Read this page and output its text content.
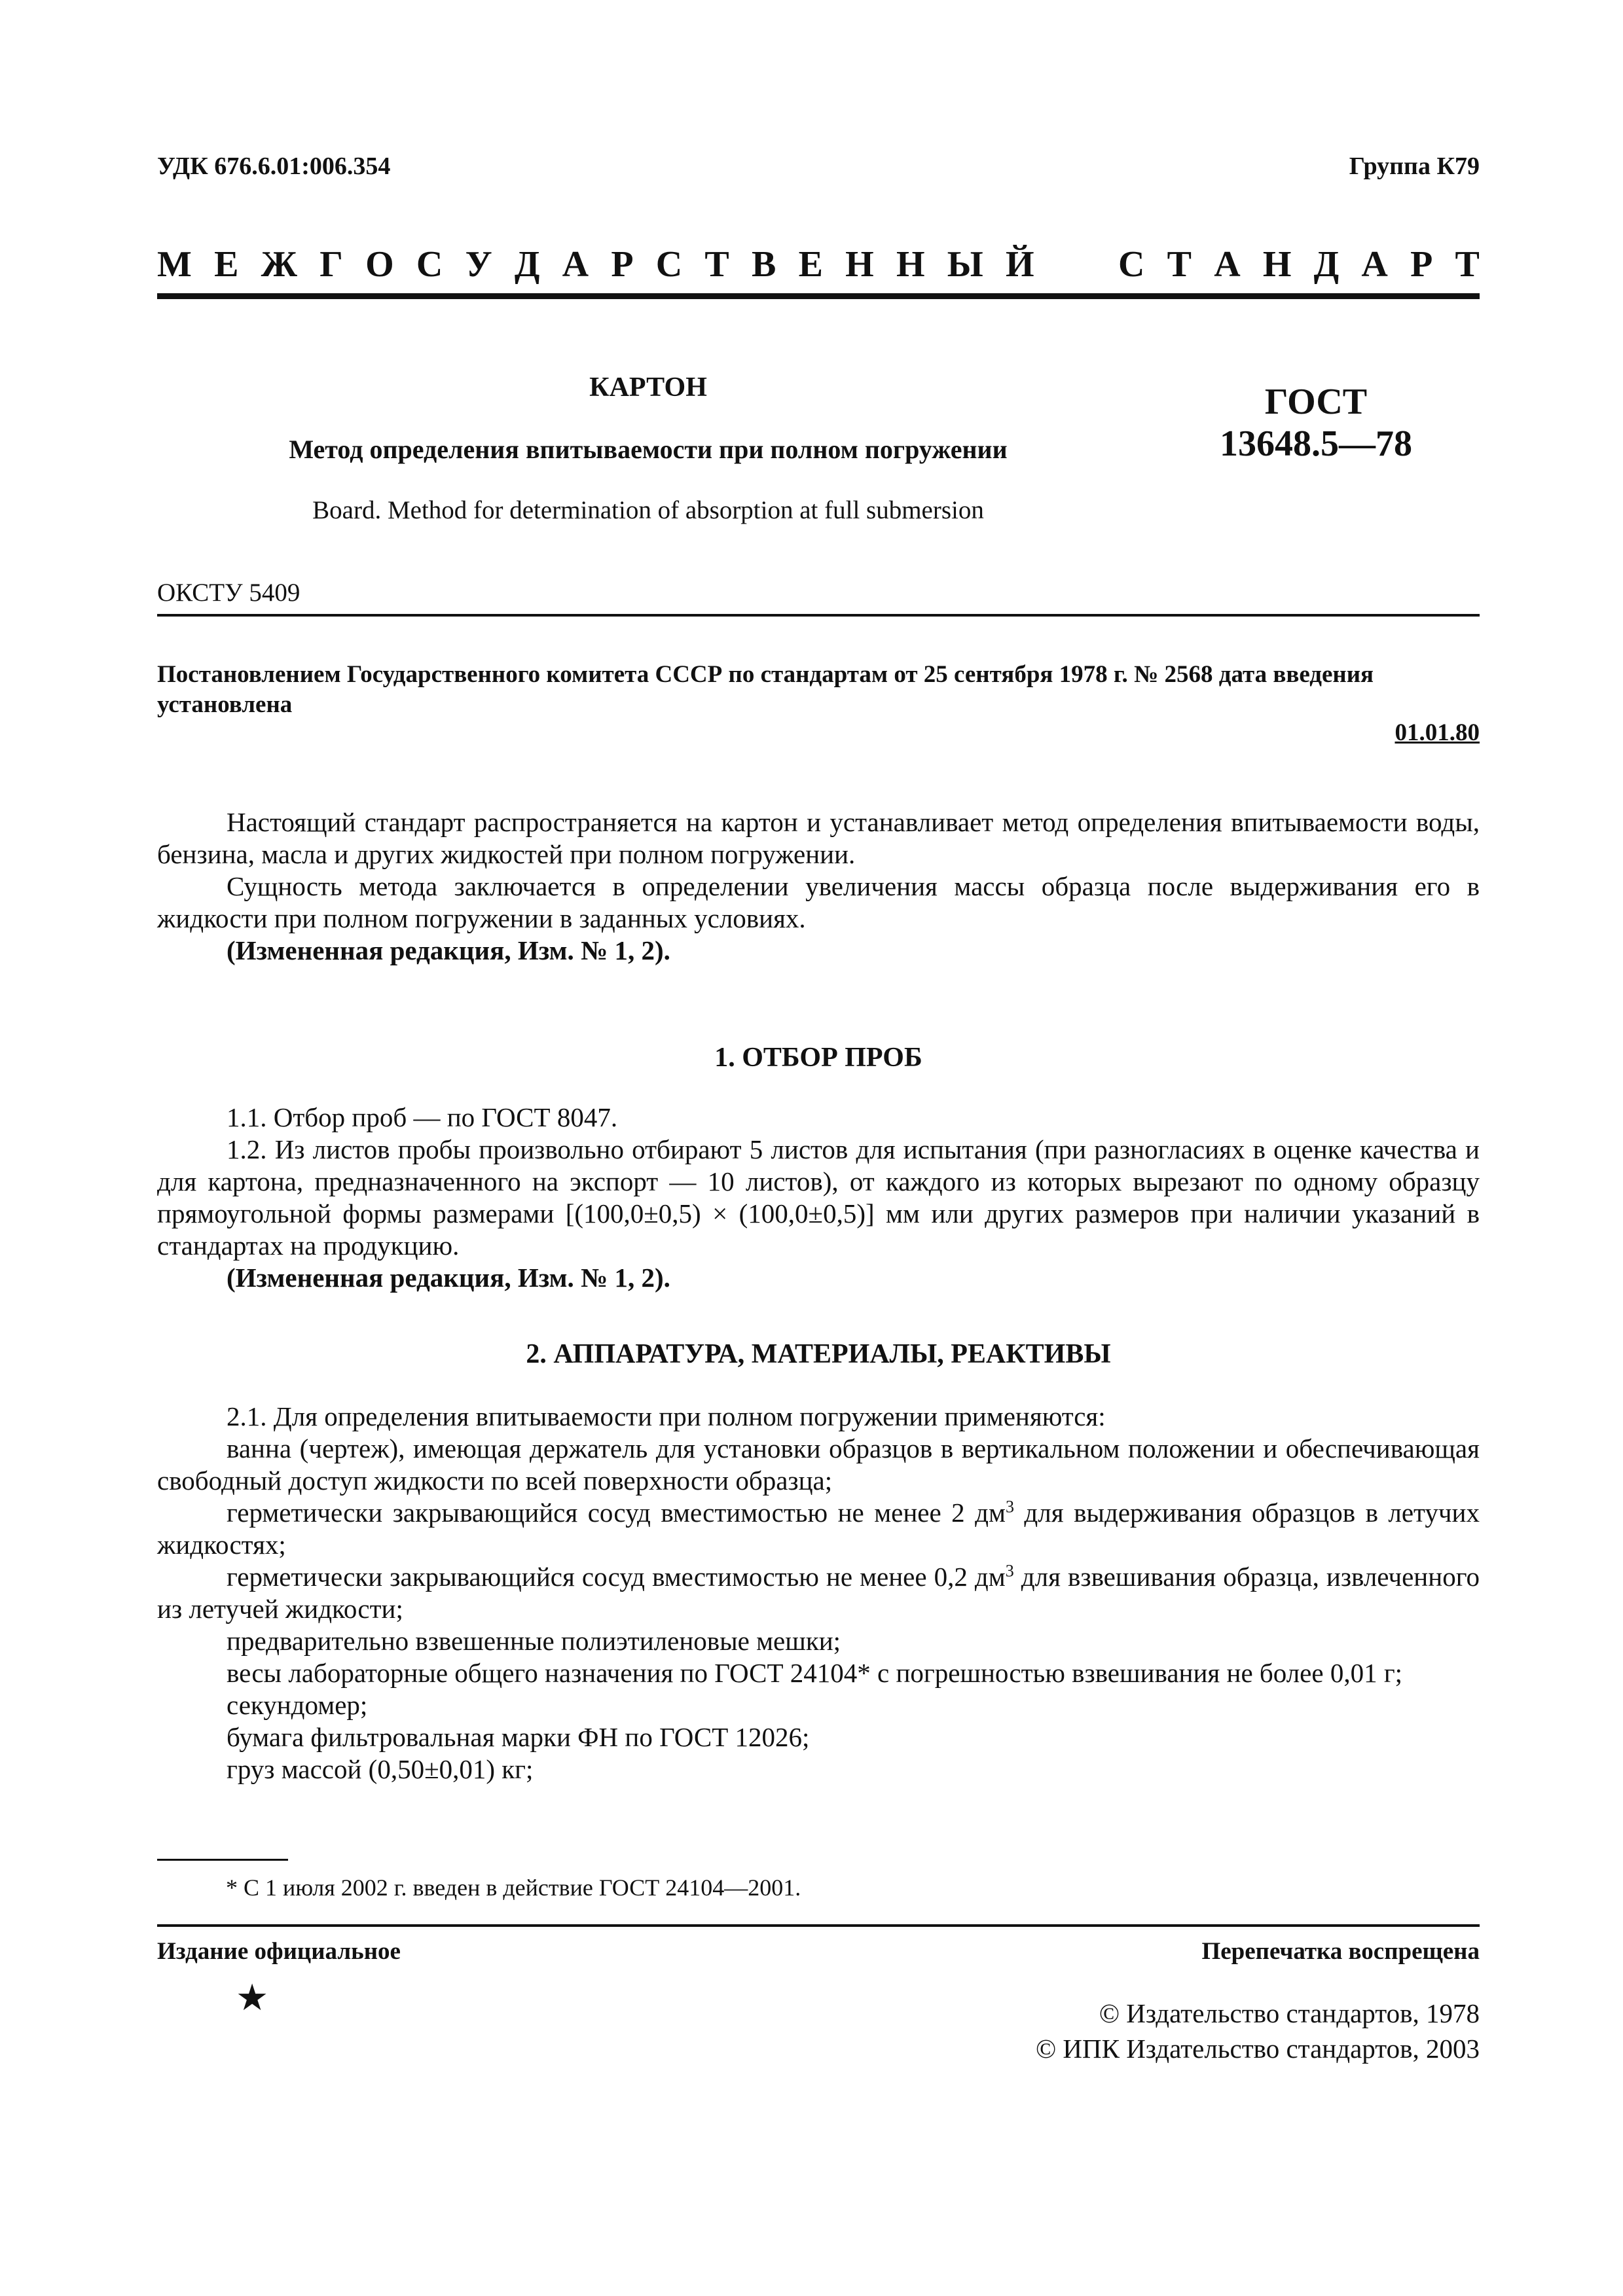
УДК 676.6.01:006.354	Группа К79
М Е Ж Г О С У Д А Р С Т В Е Н Н Ы Й С Т А Н Д А Р Т
КАРТОН
Метод определения впитываемости при полном погружении
Board. Method for determination of absorption at full submersion
ГОСТ
13648.5—78
ОКСТУ 5409
Постановлением Государственного комитета СССР по стандартам от 25 сентября 1978 г. № 2568 дата введения установлена
01.01.80

Настоящий стандарт распространяется на картон и устанавливает метод определения впитываемости воды, бензина, масла и других жидкостей при полном погружении.

Сущность метода заключается в определении увеличения массы образца после выдерживания его в жидкости при полном погружении в заданных условиях.

(Измененная редакция, Изм. № 1, 2).

1. ОТБОР ПРОБ

1.1. Отбор проб — по ГОСТ 8047.

1.2. Из листов пробы произвольно отбирают 5 листов для испытания (при разногласиях в оценке качества и для картона, предназначенного на экспорт — 10 листов), от каждого из которых вырезают по одному образцу прямоугольной формы размерами [(100,0±0,5) × (100,0±0,5)] мм или других размеров при наличии указаний в стандартах на продукцию.

(Измененная редакция, Изм. № 1, 2).

2. АППАРАТУРА, МАТЕРИАЛЫ, РЕАКТИВЫ

2.1. Для определения впитываемости при полном погружении применяются:

ванна (чертеж), имеющая держатель для установки образцов в вертикальном положении и обеспечивающая свободный доступ жидкости по всей поверхности образца;

герметически закрывающийся сосуд вместимостью не менее 2 $дм^3$ для выдерживания образцов в летучих жидкостях;

герметически закрывающийся сосуд вместимостью не менее 0,2 $дм^3$ для взвешивания образца, извлеченного из летучей жидкости;

предварительно взвешенные полиэтиленовые мешки;

весы лабораторные общего назначения по ГОСТ 24104* с погрешностью взвешивания не более 0,01 г;

секундомер;

бумага фильтровальная марки ФН по ГОСТ 12026;

груз массой (0,50±0,01) кг;

* С 1 июля 2002 г. введен в действие ГОСТ 24104—2001.
Издание официальное	Перепечатка воспрещена
★	© Издательство стандартов, 1978
© ИПК Издательство стандартов, 2003
